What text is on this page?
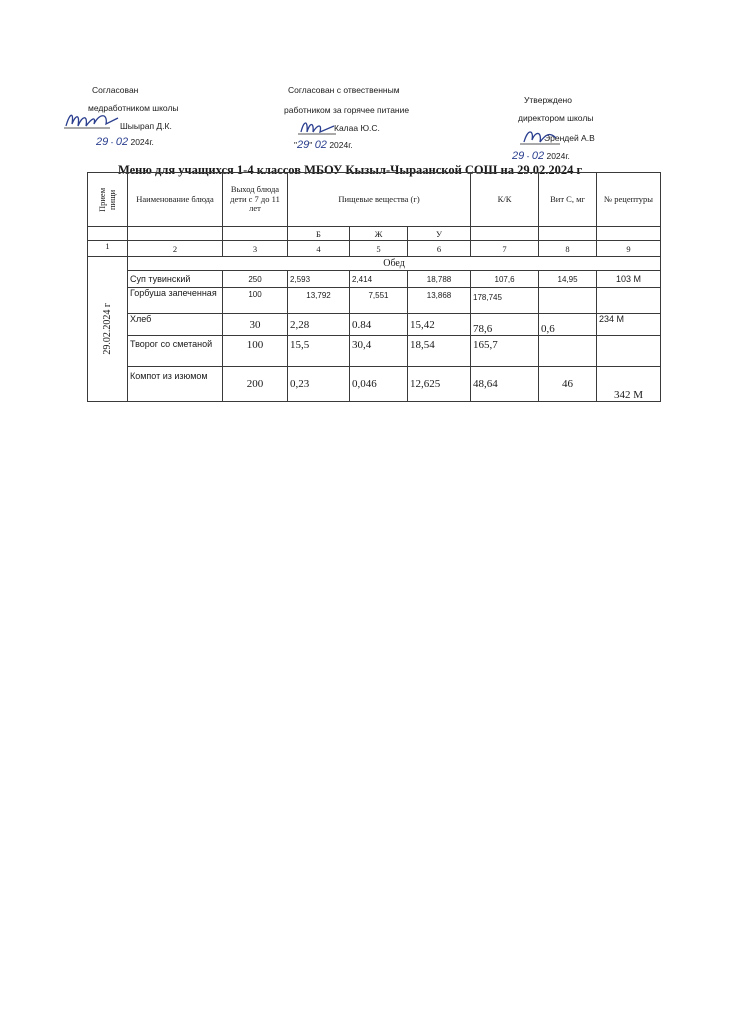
Согласован
медработником школы
Шыырап Д.К.
29 - 02 2024г.
Согласован с отвественным
работником за горячее питание
Калаа Ю.С.
"29" 02 2024г.
Утверждено
директором школы
Эрендей А.В
29 - 02 2024г.
Меню для учащихся 1-4 классов МБОУ Кызыл-Чыраанской СОШ на 29.02.2024 г
Прием пищи	Наименование блюда	Выход блюда дети с 7 до 11 лет	Пищевые вещества (г)			К/К	Вит С, мг	№ рецептуры
			Б	Ж	У			
1	2	3	4	5	6	7	8	9

29.02.2024 г	Обед							
	Суп тувинский	250	2,593	2,414	18,788	107,6	14,95	103 М
	Горбуша запеченная	100	13,792	7,551	13,868	178,745		
	Хлеб	30	2,28	0.84	15,42	78,6	0,6	234 М
	Творог со сметаной	100	15,5	30,4	18,54	165,7		
	Компот из изюмом	200	0,23	0,046	12,625	48,64	46	342 М
